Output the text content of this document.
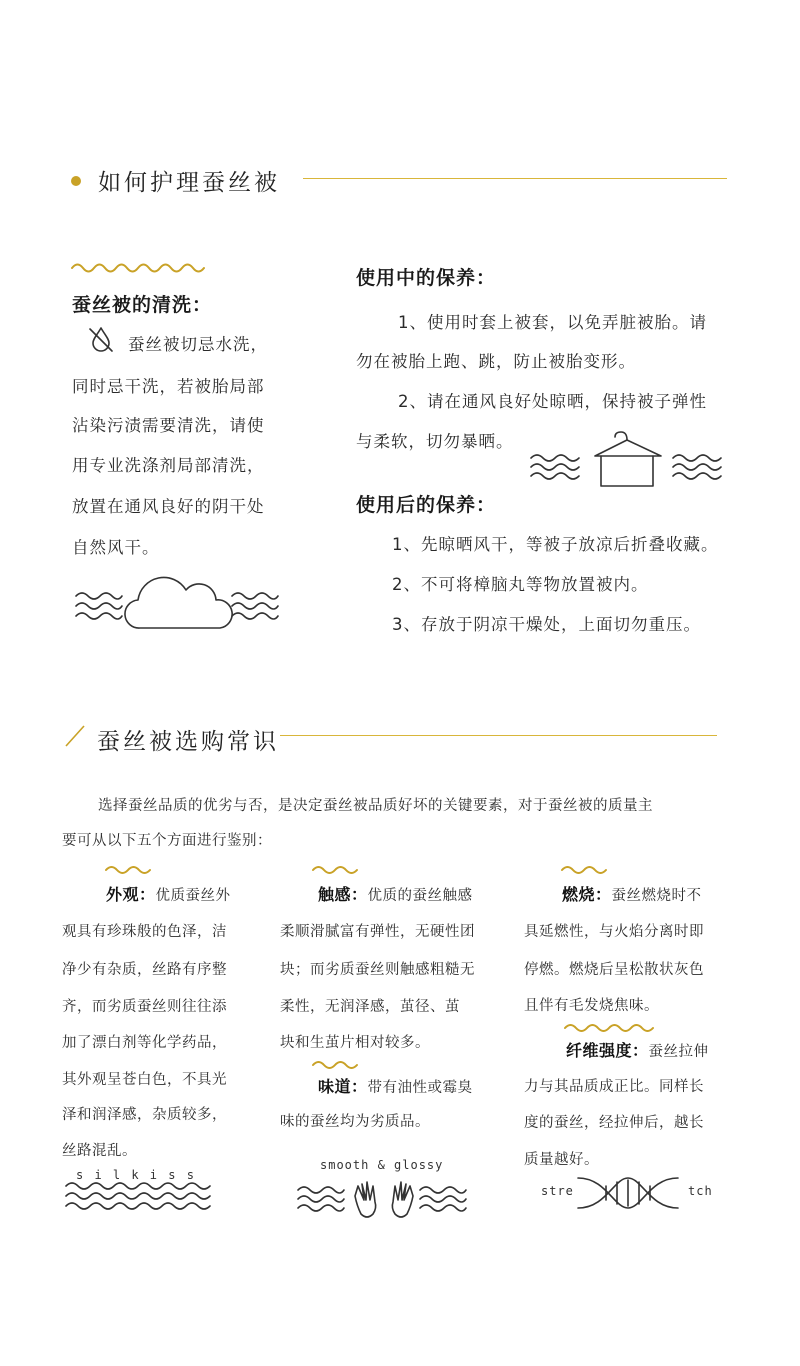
如何护理蚕丝被
蚕丝被的清洗：
蚕丝被切忌水洗，
同时忌干洗，若被胎局部
沾染污渍需要清洗，请使
用专业洗涤剂局部清洗，
放置在通风良好的阴干处
自然风干。
使用中的保养：
1、使用时套上被套，以免弄脏被胎。请
勿在被胎上跑、跳，防止被胎变形。
2、请在通风良好处晾晒，保持被子弹性
与柔软，切勿暴晒。
使用后的保养：
1、先晾晒风干，等被子放凉后折叠收藏。
2、不可将樟脑丸等物放置被内。
3、存放于阴凉干燥处，上面切勿重压。
蚕丝被选购常识
选择蚕丝品质的优劣与否，是决定蚕丝被品质好坏的关键要素，对于蚕丝被的质量主
要可从以下五个方面进行鉴别：
外观：优质蚕丝外
观具有珍珠般的色泽，洁
净少有杂质，丝路有序整
齐，而劣质蚕丝则往往添
加了漂白剂等化学药品，
其外观呈苍白色，不具光
泽和润泽感，杂质较多，
丝路混乱。
s i l k i s s
触感：优质的蚕丝触感
柔顺滑腻富有弹性，无硬性团
块；而劣质蚕丝则触感粗糙无
柔性，无润泽感，茧径、茧
块和生茧片相对较多。
味道：带有油性或霉臭
味的蚕丝均为劣质品。
smooth & glossy
燃烧：蚕丝燃烧时不
具延燃性，与火焰分离时即
停燃。燃烧后呈松散状灰色
且伴有毛发烧焦味。
纤维强度：蚕丝拉伸
力与其品质成正比。同样长
度的蚕丝，经拉伸后，越长
质量越好。
stre	tch
